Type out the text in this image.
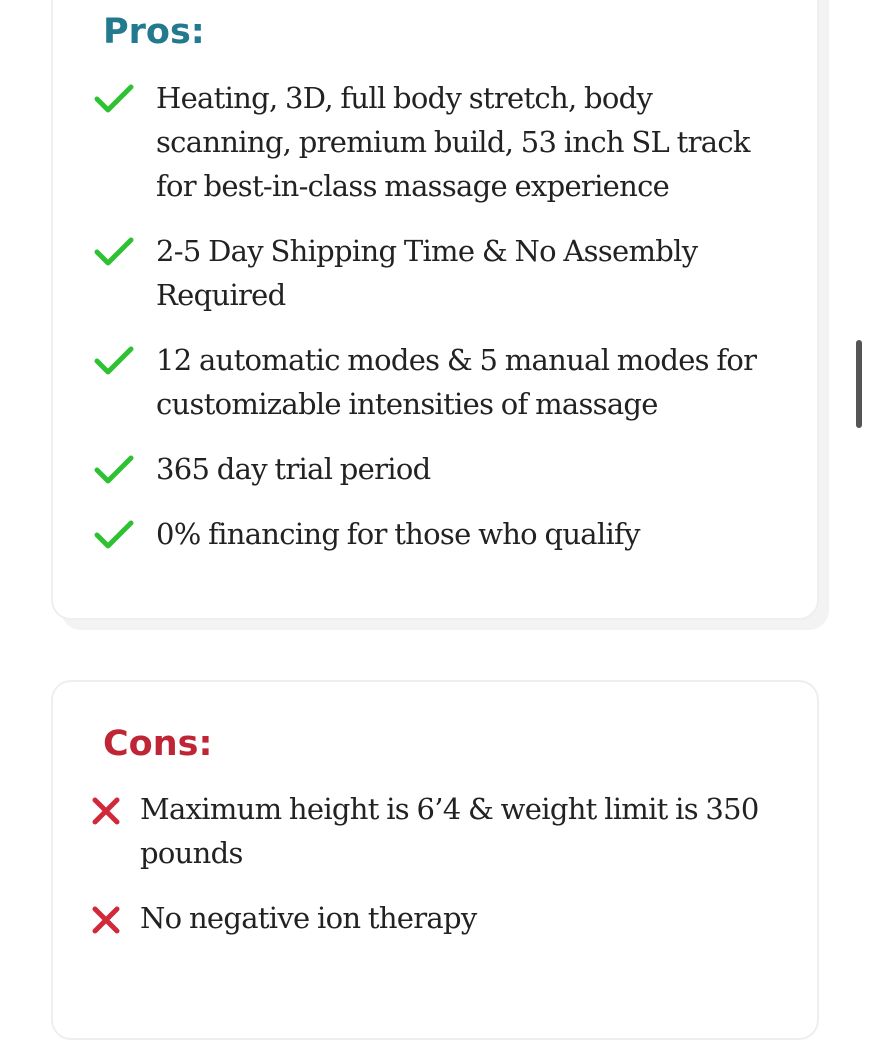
Pros:
Heating, 3D, full body stretch, body scanning, premium build, 53 inch SL track for best-in-class massage experience
2-5 Day Shipping Time & No Assembly Required
12 automatic modes & 5 manual modes for customizable intensities of massage
365 day trial period
0% financing for those who qualify
Cons:
Maximum height is 6’4 & weight limit is 350 pounds
No negative ion therapy
